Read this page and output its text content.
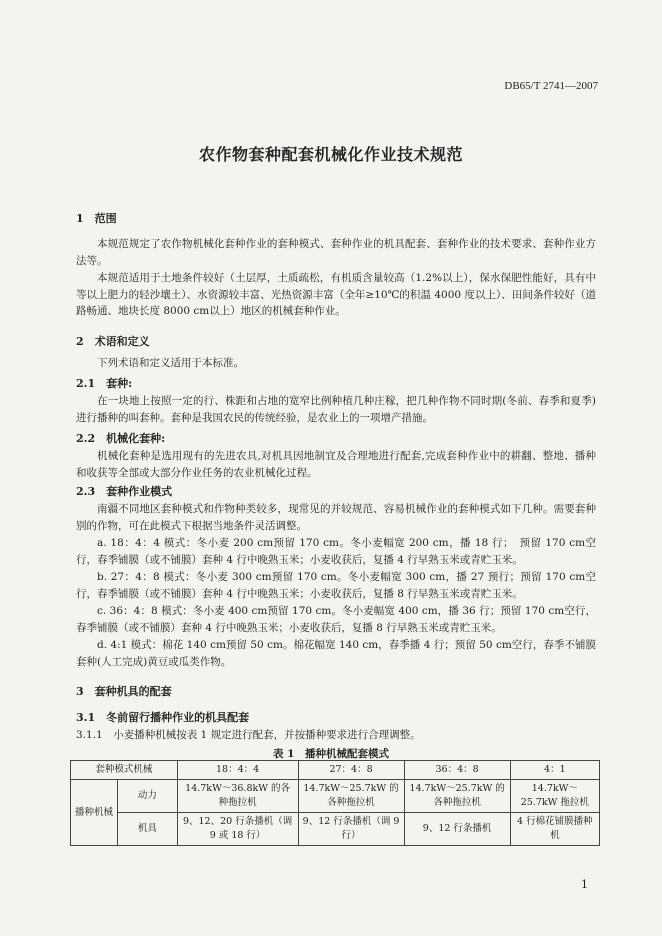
DB65/T 2741—2007
农作物套种配套机械化作业技术规范
1　范围
本规范规定了农作物机械化套种作业的套种模式、套种作业的机具配套、套种作业的技术要求、套种作业方法等。
本规范适用于土地条件较好（土层厚，土质疏松，有机质含量较高（1.2%以上），保水保肥性能好，具有中等以上肥力的轻沙壤土）、水资源较丰富、光热资源丰富（全年≥10℃的积温 4000 度以上）、田间条件较好（道路畅通、地块长度 8000 cm以上）地区的机械套种作业。
2　术语和定义
下列术语和定义适用于本标准。
2.1　套种:
在一块地上按照一定的行、株距和占地的宽窄比例种植几种庄稼，把几种作物不同时期(冬前、春季和夏季)进行播种的叫套种。套种是我国农民的传统经验，是农业上的一项增产措施。
2.2　机械化套种:
机械化套种是选用现有的先进农具,对机具因地制宜及合理地进行配套,完成套种作业中的耕翻、整地、播种和收获等全部或大部分作业任务的农业机械化过程。
2.3　套种作业模式
南疆不同地区套种模式和作物种类较多，现常见的并较规范、容易机械作业的套种模式如下几种。需要套种别的作物，可在此模式下根据当地条件灵活调整。
a. 18：4：4 模式：冬小麦 200 cm预留 170 cm。冬小麦幅宽 200 cm，播 18 行；　预留 170 cm空行，春季铺膜（或不铺膜）套种 4 行中晚熟玉米；小麦收获后，复播 4 行早熟玉米或青贮玉米。
b. 27：4：8 模式：冬小麦 300 cm预留 170 cm。冬小麦幅宽 300 cm，播 27 预行；预留 170 cm空行，春季铺膜（或不铺膜）套种 4 行中晚熟玉米；小麦收获后，复播 8 行早熟玉米或青贮玉米。
c. 36：4：8 模式：冬小麦 400 cm预留 170 cm。冬小麦幅宽 400 cm，播 36 行；预留 170 cm空行，春季铺膜（或不铺膜）套种 4 行中晚熟玉米；小麦收获后，复播 8 行早熟玉米或青贮玉米。
d. 4:1 模式：棉花 140 cm预留 50 cm。棉花幅宽 140 cm，春季播 4 行；预留 50 cm空行，春季不铺膜套种(人工完成)黄豆或瓜类作物。
3　套种机具的配套
3.1　冬前留行播种作业的机具配套
3.1.1　小麦播种机械按表 1 规定进行配套，并按播种要求进行合理调整。
表 1　播种机械配套模式
套种模式机械		18：4：4	27：4：8	36：4：8	4：1
播种机械	动力	14.7kW～36.8kW 的各种拖拉机	14.7kW～25.7kW 的各种拖拉机	14.7kW～25.7kW 的各种拖拉机	14.7kW～25.7kW 拖拉机
	机具	9、12、20 行条播机（调 9 或 18 行）	9、12 行条播机（调 9 行）	9、12 行条播机	4 行棉花铺膜播种机
1
